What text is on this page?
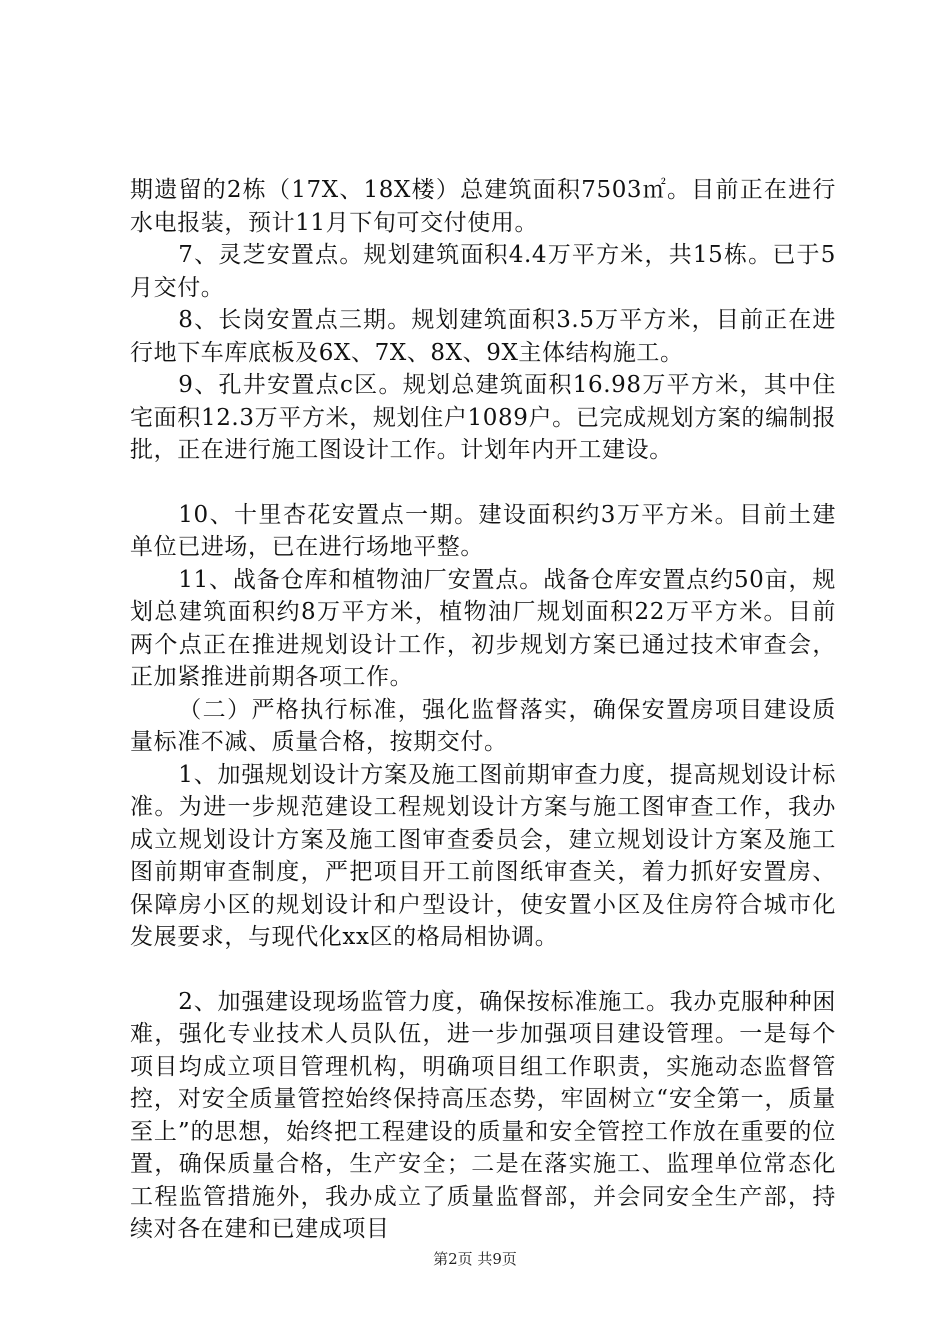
期遗留的2栋（17X、18X楼）总建筑面积7503㎡。目前正在进行水电报装，预计11月下旬可交付使用。

7、灵芝安置点。规划建筑面积4.4万平方米，共15栋。已于5月交付。

8、长岗安置点三期。规划建筑面积3.5万平方米，目前正在进行地下车库底板及6X、7X、8X、9X主体结构施工。

9、孔井安置点c区。规划总建筑面积16.98万平方米，其中住宅面积12.3万平方米，规划住户1089户。已完成规划方案的编制报批，正在进行施工图设计工作。计划年内开工建设。

10、十里杏花安置点一期。建设面积约3万平方米。目前土建单位已进场，已在进行场地平整。

11、战备仓库和植物油厂安置点。战备仓库安置点约50亩，规划总建筑面积约8万平方米，植物油厂规划面积22万平方米。目前两个点正在推进规划设计工作，初步规划方案已通过技术审查会，正加紧推进前期各项工作。

（二）严格执行标准，强化监督落实，确保安置房项目建设质量标准不减、质量合格，按期交付。

1、加强规划设计方案及施工图前期审查力度，提高规划设计标准。为进一步规范建设工程规划设计方案与施工图审查工作，我办成立规划设计方案及施工图审查委员会，建立规划设计方案及施工图前期审查制度，严把项目开工前图纸审查关，着力抓好安置房、保障房小区的规划设计和户型设计，使安置小区及住房符合城市化发展要求，与现代化xx区的格局相协调。

2、加强建设现场监管力度，确保按标准施工。我办克服种种困难，强化专业技术人员队伍，进一步加强项目建设管理。一是每个项目均成立项目管理机构，明确项目组工作职责，实施动态监督管控，对安全质量管控始终保持高压态势，牢固树立“安全第一，质量至上”的思想，始终把工程建设的质量和安全管控工作放在重要的位置，确保质量合格，生产安全；二是在落实施工、监理单位常态化工程监管措施外，我办成立了质量监督部，并会同安全生产部，持续对各在建和已建成项目

第2页 共9页
